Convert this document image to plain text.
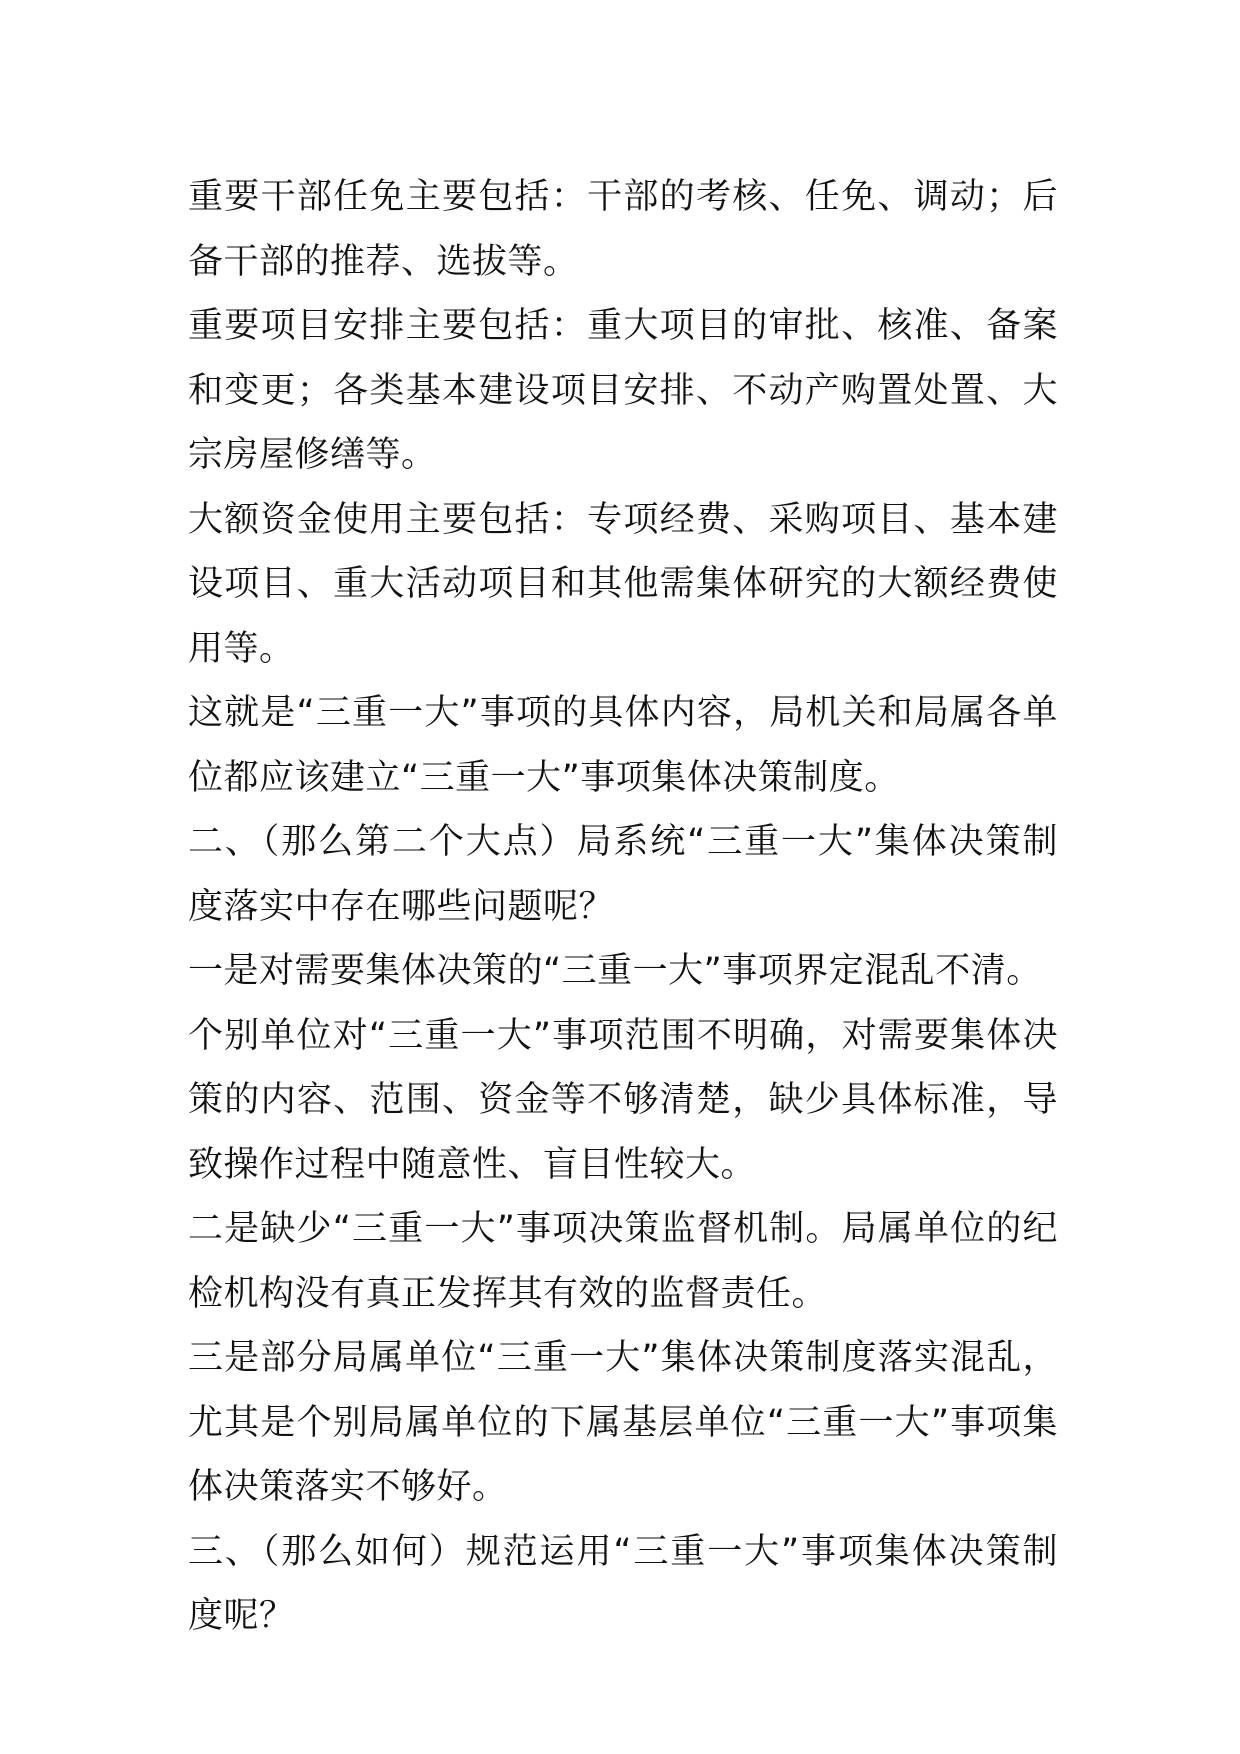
重要干部任免主要包括：干部的考核、任免、调动；后备干部的推荐、选拔等。

重要项目安排主要包括：重大项目的审批、核准、备案和变更；各类基本建设项目安排、不动产购置处置、大宗房屋修缮等。

大额资金使用主要包括：专项经费、采购项目、基本建设项目、重大活动项目和其他需集体研究的大额经费使用等。

这就是“三重一大”事项的具体内容，局机关和局属各单位都应该建立“三重一大”事项集体决策制度。

二、（那么第二个大点）局系统“三重一大”集体决策制度落实中存在哪些问题呢？

一是对需要集体决策的“三重一大”事项界定混乱不清。

个别单位对“三重一大”事项范围不明确，对需要集体决策的内容、范围、资金等不够清楚，缺少具体标准，导致操作过程中随意性、盲目性较大。

二是缺少“三重一大”事项决策监督机制。局属单位的纪检机构没有真正发挥其有效的监督责任。

三是部分局属单位“三重一大”集体决策制度落实混乱，尤其是个别局属单位的下属基层单位“三重一大”事项集体决策落实不够好。

三、（那么如何）规范运用“三重一大”事项集体决策制度呢？
